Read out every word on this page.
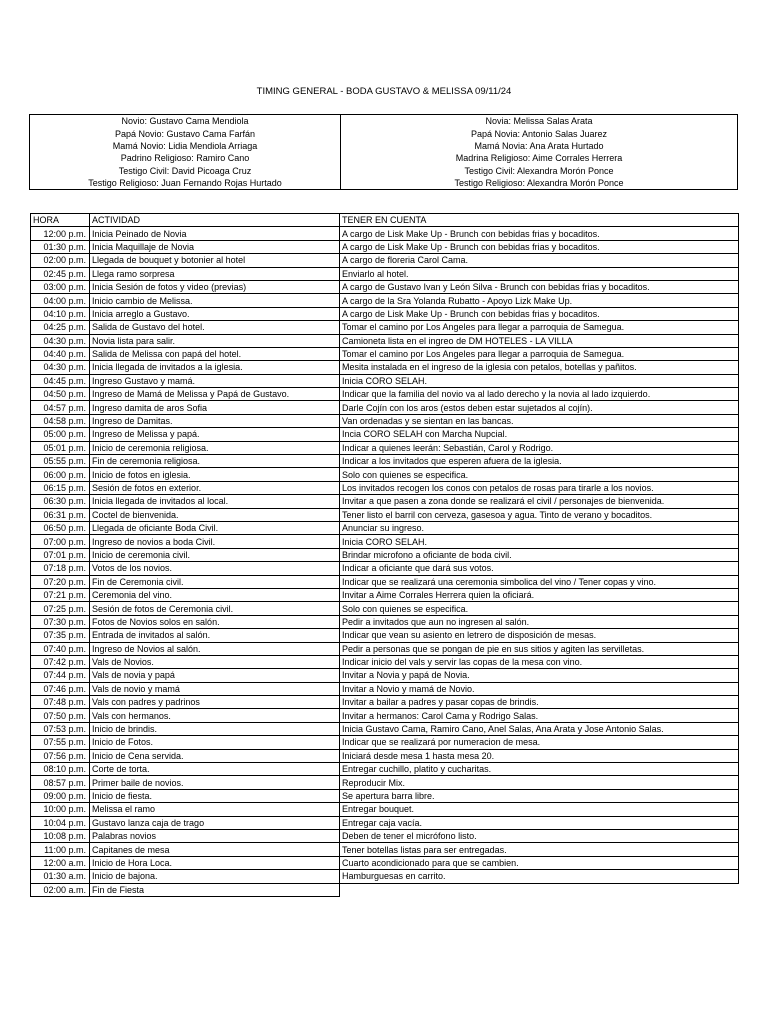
TIMING GENERAL - BODA GUSTAVO & MELISSA 09/11/24
Novio: Gustavo Cama Mendiola	Novia: Melissa Salas Arata
Papá Novio: Gustavo Cama Farfán	Papá Novia: Antonio Salas Juarez
Mamá Novio: Lidia Mendiola Arriaga	Mamá Novia: Ana Arata Hurtado
Padrino Religioso: Ramiro Cano	Madrina Religioso: Aime Corrales Herrera
Testigo Civil: David Picoaga Cruz	Testigo Civil: Alexandra Morón Ponce
Testigo Religioso: Juan Fernando Rojas Hurtado	Testigo Religioso: Alexandra Morón Ponce
HORA	ACTIVIDAD	TENER EN CUENTA
12:00 p.m.	Inicia Peinado de Novia	A cargo de Lisk Make Up - Brunch con bebidas frias y bocaditos.
01:30 p.m.	Inicia Maquillaje de Novia	A cargo de Lisk Make Up - Brunch con bebidas frias y bocaditos.
02:00 p.m.	Llegada de bouquet y botonier al hotel	A cargo de floreria Carol Cama.
02:45 p.m.	Llega ramo sorpresa	Enviarlo al hotel.
03:00 p.m.	Inicia Sesión de fotos y video (previas)	A cargo de Gustavo Ivan y León Silva - Brunch con bebidas frias y bocaditos.
04:00 p.m.	Inicio cambio de Melissa.	A cargo de la Sra Yolanda Rubatto - Apoyo Lizk Make Up.
04:10 p.m.	Inicia arreglo a Gustavo.	A cargo de Lisk Make Up - Brunch con bebidas frias y bocaditos.
04:25 p.m.	Salida de Gustavo del hotel.	Tomar el camino por Los Angeles para llegar a parroquia de Samegua.
04:30 p.m.	Novia lista para salir.	Camioneta lista en el ingreo de DM HOTELES - LA VILLA
04:40 p.m.	Salida de Melissa con papá del hotel.	Tomar el camino por Los Angeles para llegar a parroquia de Samegua.
04:30 p.m.	Inicia llegada de invitados a la iglesia.	Mesita instalada en el ingreso de la iglesia con petalos, botellas y pañitos.
04:45 p.m.	Ingreso Gustavo y mamá.	Inicia CORO SELAH.
04:50 p.m.	Ingreso de Mamá de Melissa y Papá de Gustavo.	Indicar que la familia del novio va al lado derecho y la novia al lado izquierdo.
04:57 p.m.	Ingreso damita de aros Sofia	Darle Cojín con los aros (estos deben estar sujetados al cojín).
04:58 p.m.	Ingreso de Damitas.	Van ordenadas y se sientan en las bancas.
05:00 p.m.	Ingreso de Melissa y papá.	Incia CORO SELAH con Marcha Nupcial.
05:01 p.m.	Inicio de ceremonia religiosa.	Indicar a quienes leerán: Sebastián, Carol y Rodrigo.
05:55 p.m.	Fin de ceremonia religiosa.	Indicar a los invitados que esperen afuera de la iglesia.
06:00 p.m.	Inicio de fotos en iglesia.	Solo con quienes se especifica.
06:15 p.m.	Sesión de fotos en exterior.	Los invitados recogen los conos con petalos de rosas para tirarle a los novios.
06:30 p.m.	Inicia llegada de invitados al local.	Invitar a que pasen a zona donde se realizará el civil / personajes de bienvenida.
06:31 p.m.	Coctel de bienvenida.	Tener listo el barril con cerveza, gasesoa y agua. Tinto de verano y bocaditos.
06:50 p.m.	Llegada de oficiante Boda Civil.	Anunciar su ingreso.
07:00 p.m.	Ingreso de novios a boda Civil.	Inicia CORO SELAH.
07:01 p.m.	Inicio de ceremonia civil.	Brindar microfono a oficiante de boda civil.
07:18 p.m.	Votos de los novios.	Indicar a oficiante que dará sus votos.
07:20 p.m.	Fin de Ceremonia civil.	Indicar que se realizará una ceremonia simbolica del vino / Tener copas y vino.
07:21 p.m.	Ceremonia del vino.	Invitar a Aime Corrales Herrera quien la oficiará.
07:25 p.m.	Sesión de fotos de Ceremonia civil.	Solo con quienes se especifica.
07:30 p.m.	Fotos de Novios solos en salón.	Pedir a invitados que aun no ingresen al salón.
07:35 p.m.	Entrada de invitados al salón.	Indicar que vean su asiento en letrero de disposición de mesas.
07:40 p.m.	Ingreso de Novios al salón.	Pedir a personas que se pongan de pie en sus sitios y agiten las servilletas.
07:42 p.m.	Vals de Novios.	Indicar inicio del vals y servir las copas de la mesa con vino.
07:44 p.m.	Vals de novia y papá	Invitar a Novia y papá de Novia.
07:46 p.m.	Vals de novio y mamá	Invitar a Novio y mamá de Novio.
07:48 p.m.	Vals con padres y padrinos	Invitar a bailar a padres y pasar copas de brindis.
07:50 p.m.	Vals con hermanos.	Invitar a hermanos: Carol Cama y Rodrigo Salas.
07:53 p.m.	Inicio de brindis.	Inicia Gustavo Cama, Ramiro Cano, Anel Salas, Ana Arata y Jose Antonio Salas.
07:55 p.m.	Inicio de Fotos.	Indicar que se realizará por numeracion de mesa.
07:56 p.m.	Inicio de Cena servida.	Iniciará desde mesa 1 hasta mesa 20.
08:10 p.m.	Corte de torta.	Entregar cuchillo, platito y cucharitas.
08:57 p.m.	Primer baile de novios.	Reproducir Mix.
09:00 p.m.	Inicio de fiesta.	Se apertura barra libre.
10:00 p.m.	Melissa el ramo	Entregar bouquet.
10:04 p.m.	Gustavo lanza caja de trago	Entregar caja vacía.
10:08 p.m.	Palabras novios	Deben de tener el micrófono listo.
11:00 p.m.	Capitanes de mesa	Tener botellas listas para ser entregadas.
12:00 a.m.	Inicio de Hora Loca.	Cuarto acondicionado para que se cambien.
01:30 a.m.	Inicio de bajona.	Hamburguesas en carrito.
02:00 a.m.	Fin de Fiesta	
